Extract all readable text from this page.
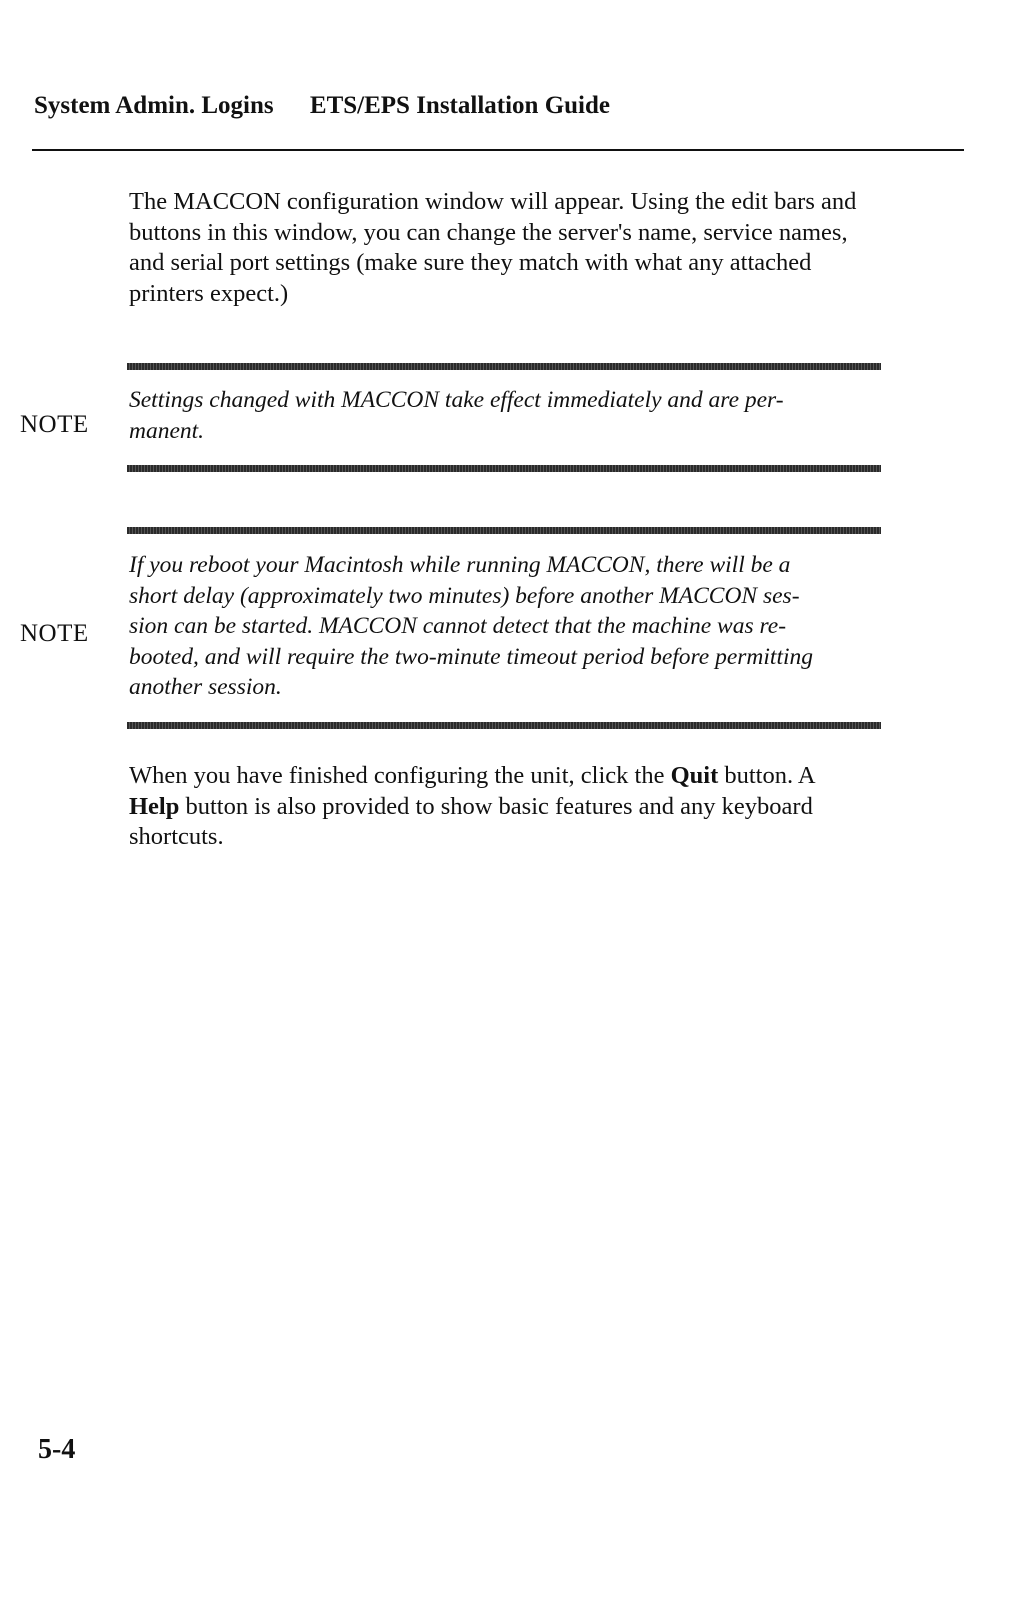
System Admin. Logins ETS/EPS Installation Guide

The MACCON configuration window will appear. Using the edit bars and
buttons in this window, you can change the server's name, service names,
and serial port settings (make sure they match with what any attached
printers expect.)

NOTE

Settings changed with MACCON take effect immediately and are per-
manent.

NOTE

If you reboot your Macintosh while running MACCON, there will be a
short delay (approximately two minutes) before another MACCON ses-
sion can be started. MACCON cannot detect that the machine was re-
booted, and will require the two-minute timeout period before permitting
another session.

When you have finished configuring the unit, click the Quit button. A
Help button is also provided to show basic features and any keyboard
shortcuts.

5-4
